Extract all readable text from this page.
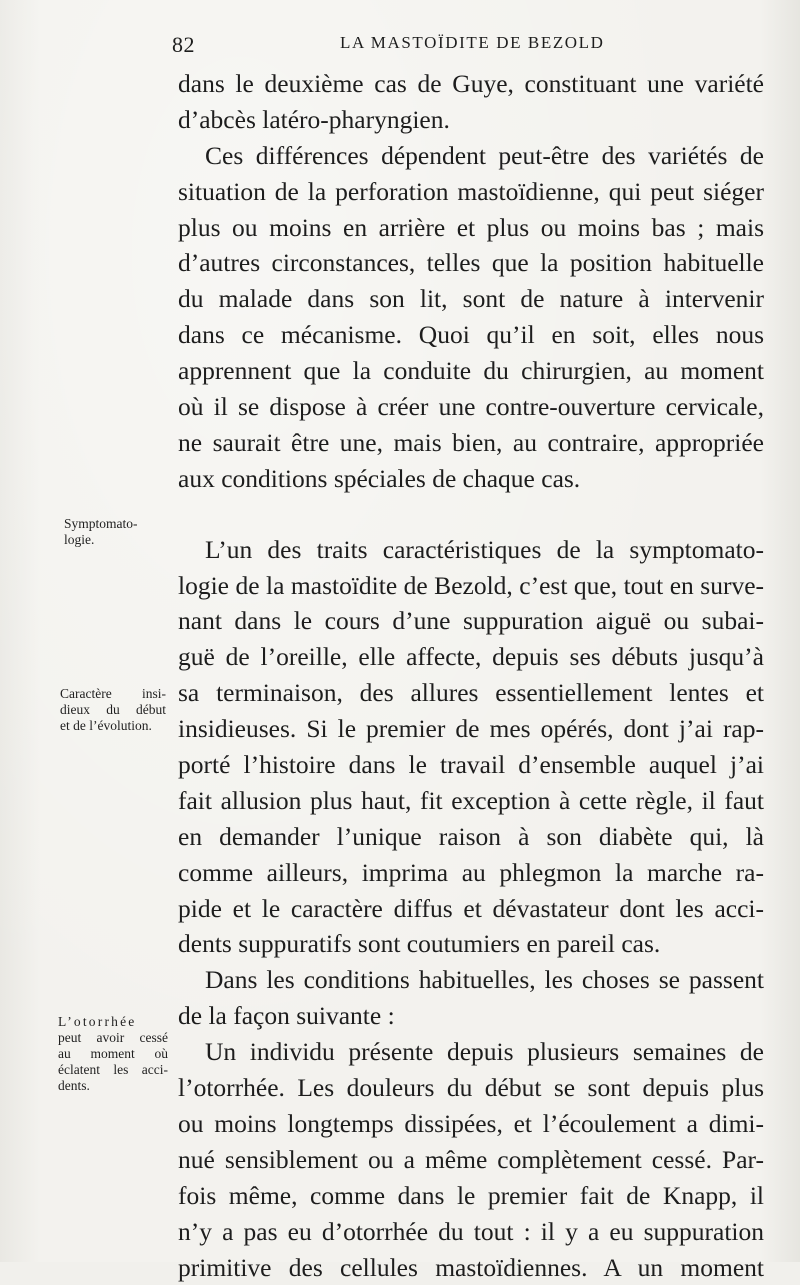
82	LA MASTOÏDITE DE BEZOLD
dans le deuxième cas de Guye, constituant une variété
d’abcès latéro-pharyngien.
Ces différences dépendent peut-être des variétés de
situation de la perforation mastoïdienne, qui peut siéger
plus ou moins en arrière et plus ou moins bas ; mais
d’autres circonstances, telles que la position habituelle
du malade dans son lit, sont de nature à intervenir
dans ce mécanisme. Quoi qu’il en soit, elles nous
apprennent que la conduite du chirurgien, au moment
où il se dispose à créer une contre-ouverture cervicale,
ne saurait être une, mais bien, au contraire, appropriée
aux conditions spéciales de chaque cas.
L’un des traits caractéristiques de la symptomato-
logie de la mastoïdite de Bezold, c’est que, tout en surve-
nant dans le cours d’une suppuration aiguë ou subai-
guë de l’oreille, elle affecte, depuis ses débuts jusqu’à
sa terminaison, des allures essentiellement lentes et
insidieuses. Si le premier de mes opérés, dont j’ai rap-
porté l’histoire dans le travail d’ensemble auquel j’ai
fait allusion plus haut, fit exception à cette règle, il faut
en demander l’unique raison à son diabète qui, là
comme ailleurs, imprima au phlegmon la marche ra-
pide et le caractère diffus et dévastateur dont les acci-
dents suppuratifs sont coutumiers en pareil cas.
Dans les conditions habituelles, les choses se passent
de la façon suivante :
Un individu présente depuis plusieurs semaines de
l’otorrhée. Les douleurs du début se sont depuis plus
ou moins longtemps dissipées, et l’écoulement a dimi-
nué sensiblement ou a même complètement cessé. Par-
fois même, comme dans le premier fait de Knapp, il
n’y a pas eu d’otorrhée du tout : il y a eu suppuration
primitive des cellules mastoïdiennes. A un moment
Symptomato-
logie.
Caractère insi-
dieux du début
et de l’évolution.
L’otorrhée
peut avoir cessé
au moment où
éclatent les acci-
dents.
